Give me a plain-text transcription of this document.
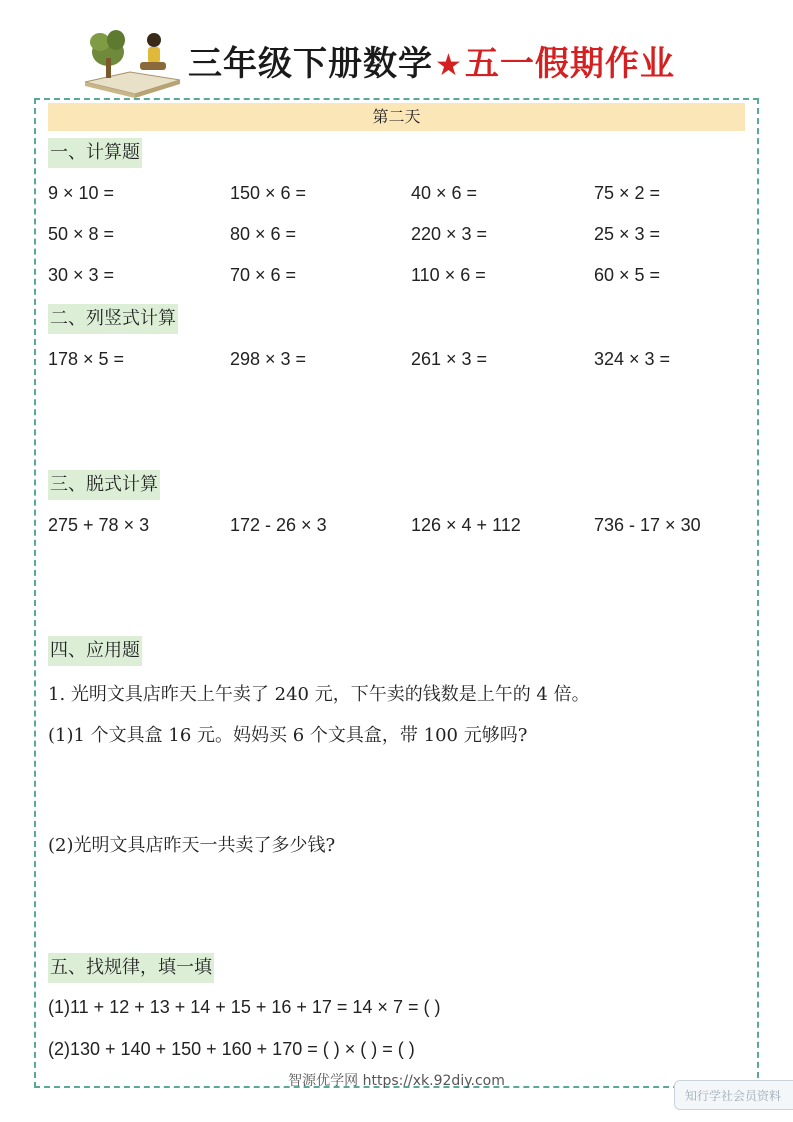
三年级下册数学★五一假期作业
第二天
一、计算题
9 × 10 =	150 × 6 =	40 × 6 =	75 × 2 =
50 × 8 =	80 × 6 =	220 × 3 =	25 × 3 =
30 × 3 =	70 × 6 =	110 × 6 =	60 × 5 =
二、列竖式计算
178 × 5 =	298 × 3 =	261 × 3 =	324 × 3 =
三、脱式计算
275 + 78 × 3	172 - 26 × 3	126 × 4 + 112	736 - 17 × 30
四、应用题
1. 光明文具店昨天上午卖了 240 元，下午卖的钱数是上午的 4 倍。
(1)1 个文具盒 16 元。妈妈买 6 个文具盒，带 100 元够吗?
(2)光明文具店昨天一共卖了多少钱?
五、找规律，填一填
(1)11 + 12 + 13 + 14 + 15 + 16 + 17 = 14 × 7 = ( )
(2)130 + 140 + 150 + 160 + 170 = ( ) × ( ) = ( )
智源优学网 https://xk.92diy.com
知行学社会员资料
